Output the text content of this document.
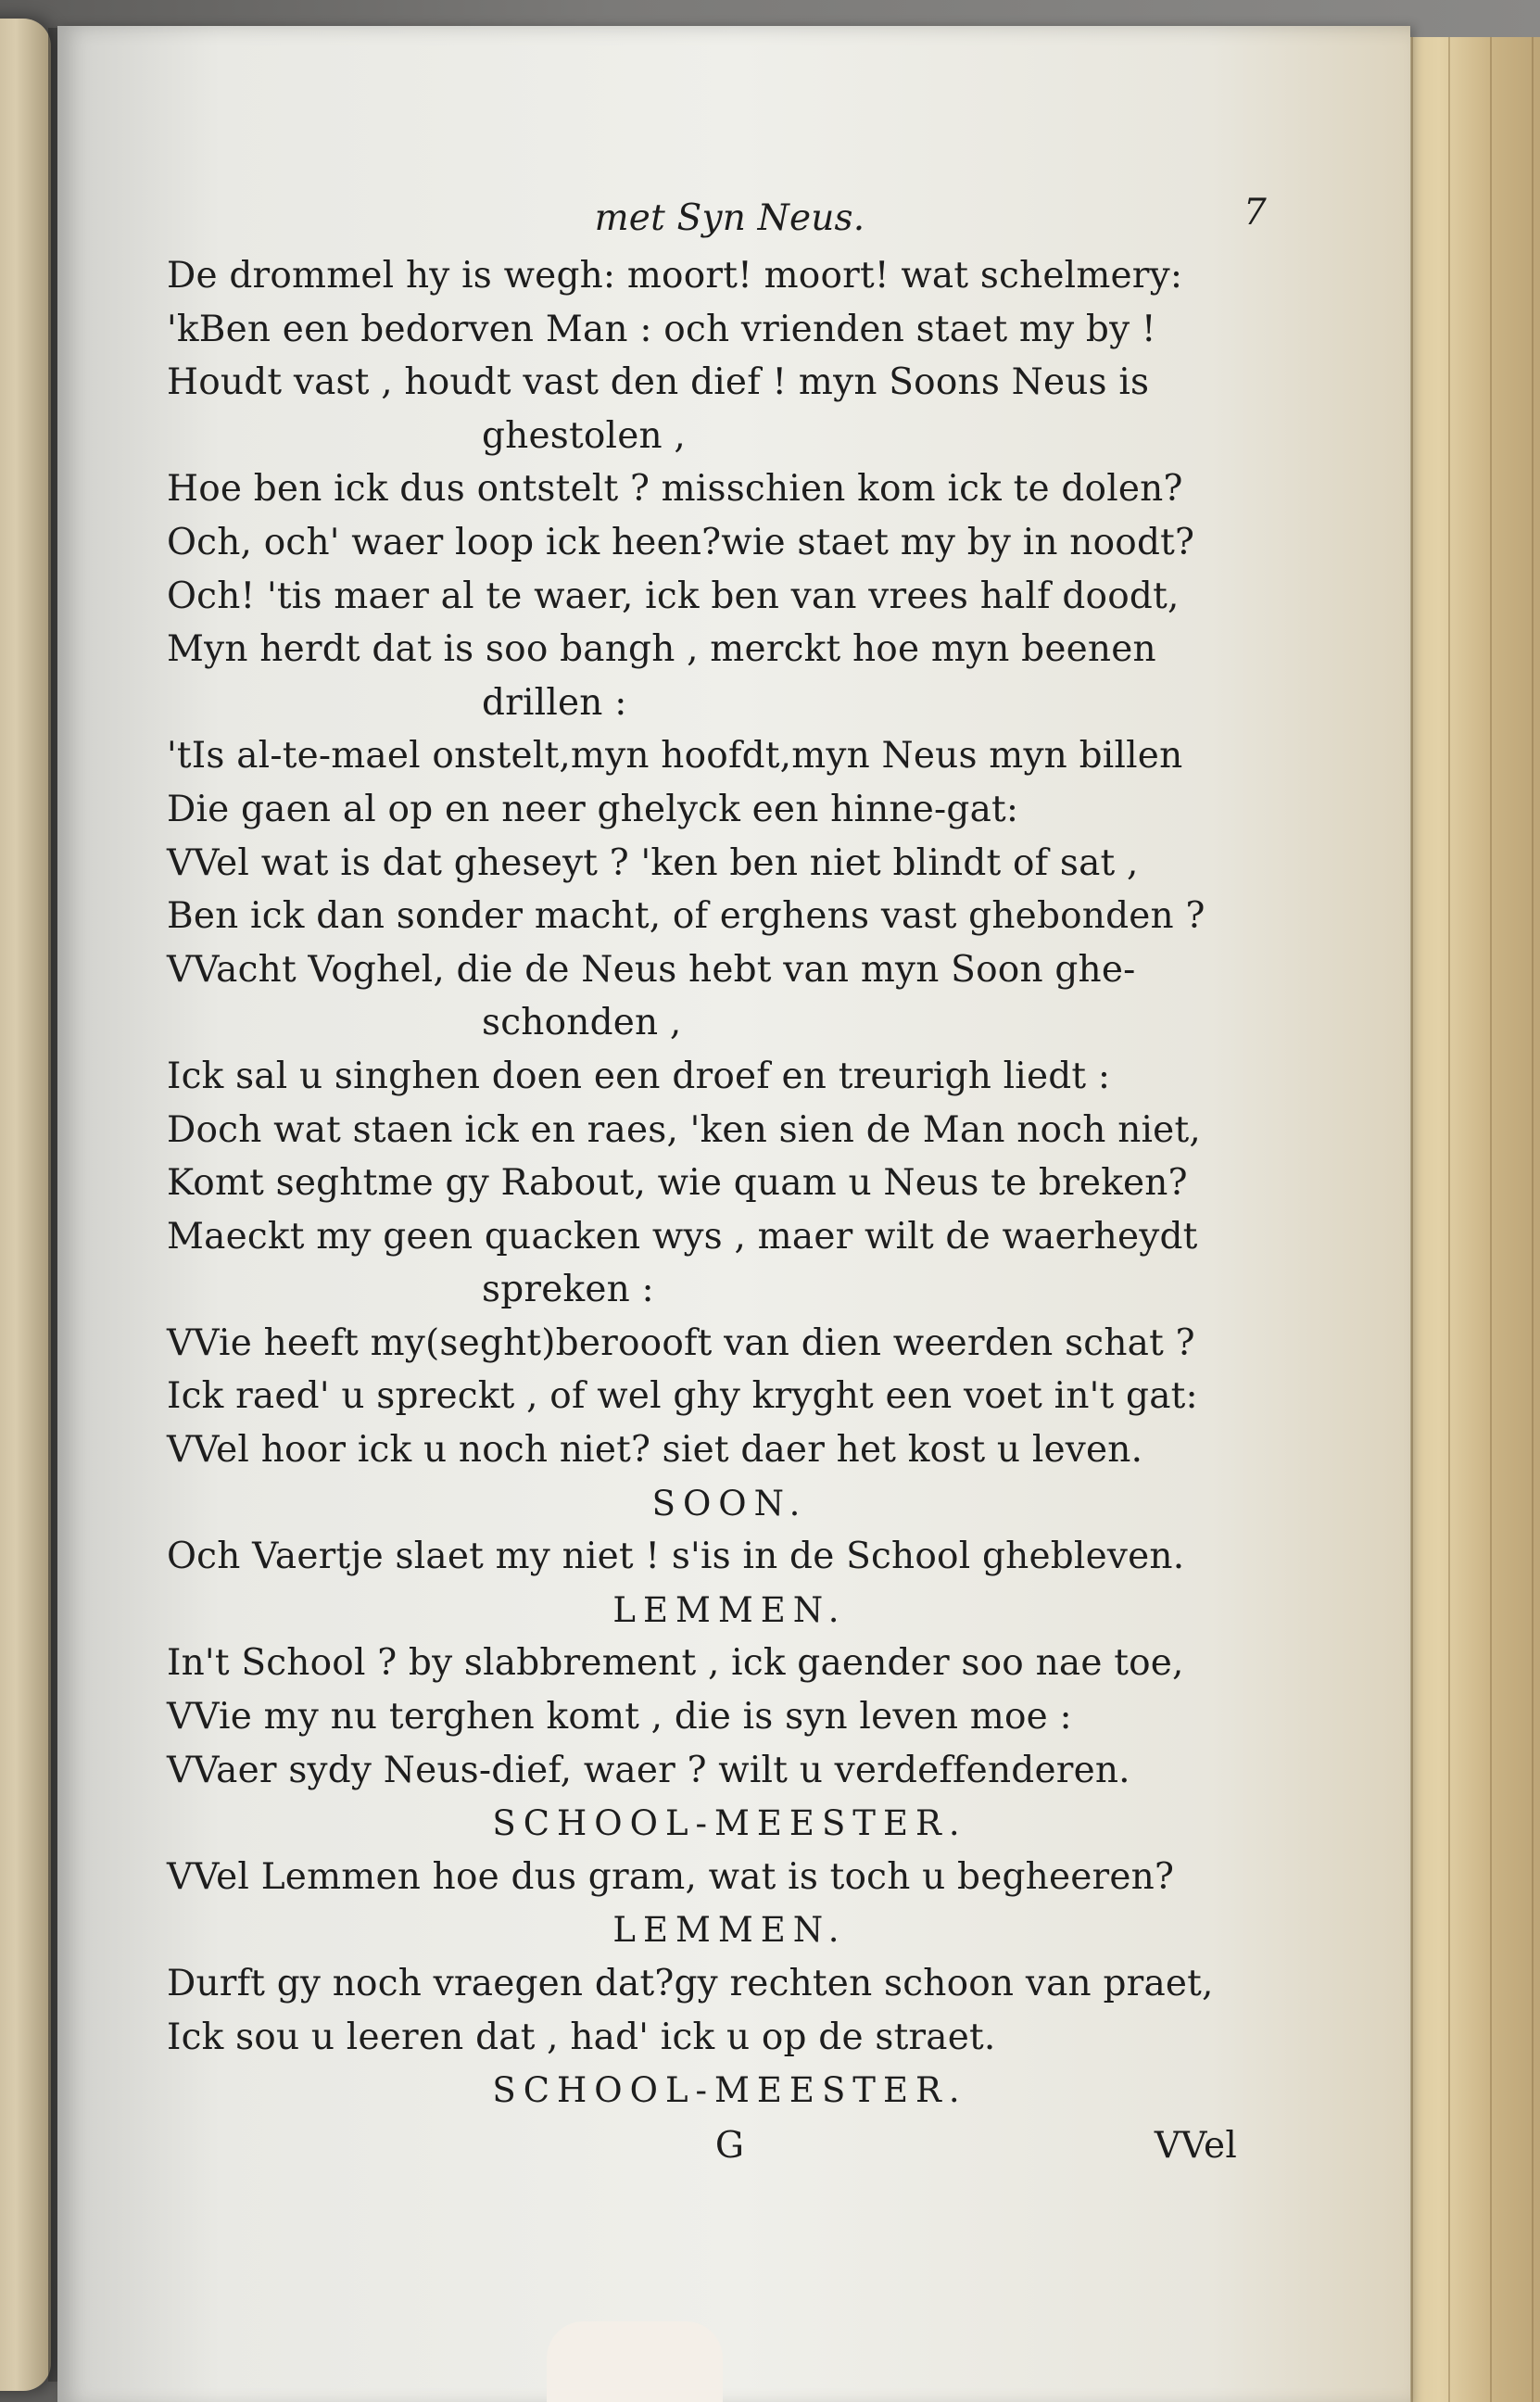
met Syn Neus.	7
De drommel hy is wegh: moort! moort! wat schelmery:
'kBen een bedorven Man : och vrienden staet my by !
Houdt vast , houdt vast den dief ! myn Soons Neus is
ghestolen ,
Hoe ben ick dus ontstelt ? misschien kom ick te dolen?
Och, och' waer loop ick heen?wie staet my by in noodt?
Och! 'tis maer al te waer, ick ben van vrees half doodt,
Myn herdt dat is soo bangh , merckt hoe myn beenen
drillen :
'tIs al-te-mael onstelt,myn hoofdt,myn Neus myn billen
Die gaen al op en neer ghelyck een hinne-gat:
VVel wat is dat gheseyt ? 'ken ben niet blindt of sat ,
Ben ick dan sonder macht, of erghens vast ghebonden ?
VVacht Voghel, die de Neus hebt van myn Soon ghe-
schonden ,
Ick sal u singhen doen een droef en treurigh liedt :
Doch wat staen ick en raes, 'ken sien de Man noch niet,
Komt seghtme gy Rabout, wie quam u Neus te breken?
Maeckt my geen quacken wys , maer wilt de waerheydt
spreken :
VVie heeft my(seght)beroooft van dien weerden schat ?
Ick raed' u spreckt , of wel ghy kryght een voet in't gat:
VVel hoor ick u noch niet? siet daer het kost u leven.
SOON.
Och Vaertje slaet my niet ! s'is in de School ghebleven.
LEMMEN.
In't School ? by slabbrement , ick gaender soo nae toe,
VVie my nu terghen komt , die is syn leven moe :
VVaer sydy Neus-dief, waer ? wilt u verdeffenderen.
SCHOOL-MEESTER.
VVel Lemmen hoe dus gram, wat is toch u begheeren?
LEMMEN.
Durft gy noch vraegen dat?gy rechten schoon van praet,
Ick sou u leeren dat , had' ick u op de straet.
SCHOOL-MEESTER.
G	VVel
